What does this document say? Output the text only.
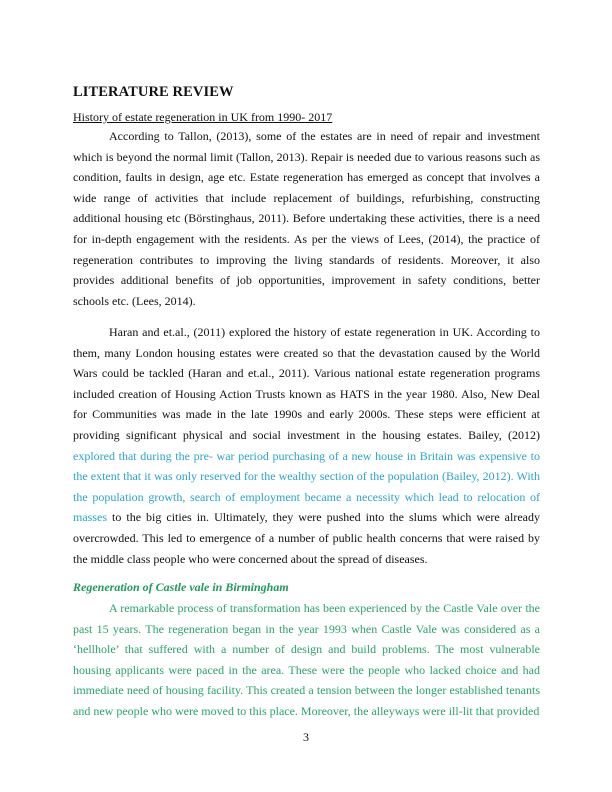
LITERATURE REVIEW
History of estate regeneration in UK from 1990- 2017

According to Tallon, (2013), some of the estates are in need of repair and investment which is beyond the normal limit (Tallon, 2013). Repair is needed due to various reasons such as condition, faults in design, age etc. Estate regeneration has emerged as concept that involves a wide range of activities that include replacement of buildings, refurbishing, constructing additional housing etc (Börstinghaus, 2011). Before undertaking these activities, there is a need for in-depth engagement with the residents. As per the views of Lees, (2014), the practice of regeneration contributes to improving the living standards of residents. Moreover, it also provides additional benefits of job opportunities, improvement in safety conditions, better schools etc. (Lees, 2014).

Haran and et.al., (2011) explored the history of estate regeneration in UK. According to them, many London housing estates were created so that the devastation caused by the World Wars could be tackled (Haran and et.al., 2011). Various national estate regeneration programs included creation of Housing Action Trusts known as HATS in the year 1980. Also, New Deal for Communities was made in the late 1990s and early 2000s. These steps were efficient at providing significant physical and social investment in the housing estates. Bailey, (2012) explored that during the pre- war period purchasing of a new house in Britain was expensive to the extent that it was only reserved for the wealthy section of the population (Bailey, 2012). With the population growth, search of employment became a necessity which lead to relocation of masses to the big cities in. Ultimately, they were pushed into the slums which were already overcrowded. This led to emergence of a number of public health concerns that were raised by the middle class people who were concerned about the spread of diseases.

Regeneration of Castle vale in Birmingham

A remarkable process of transformation has been experienced by the Castle Vale over the past 15 years. The regeneration began in the year 1993 when Castle Vale was considered as a ‘hellhole’ that suffered with a number of design and build problems. The most vulnerable housing applicants were paced in the area. These were the people who lacked choice and had immediate need of housing facility. This created a tension between the longer established tenants and new people who were moved to this place. Moreover, the alleyways were ill-lit that provided

3
